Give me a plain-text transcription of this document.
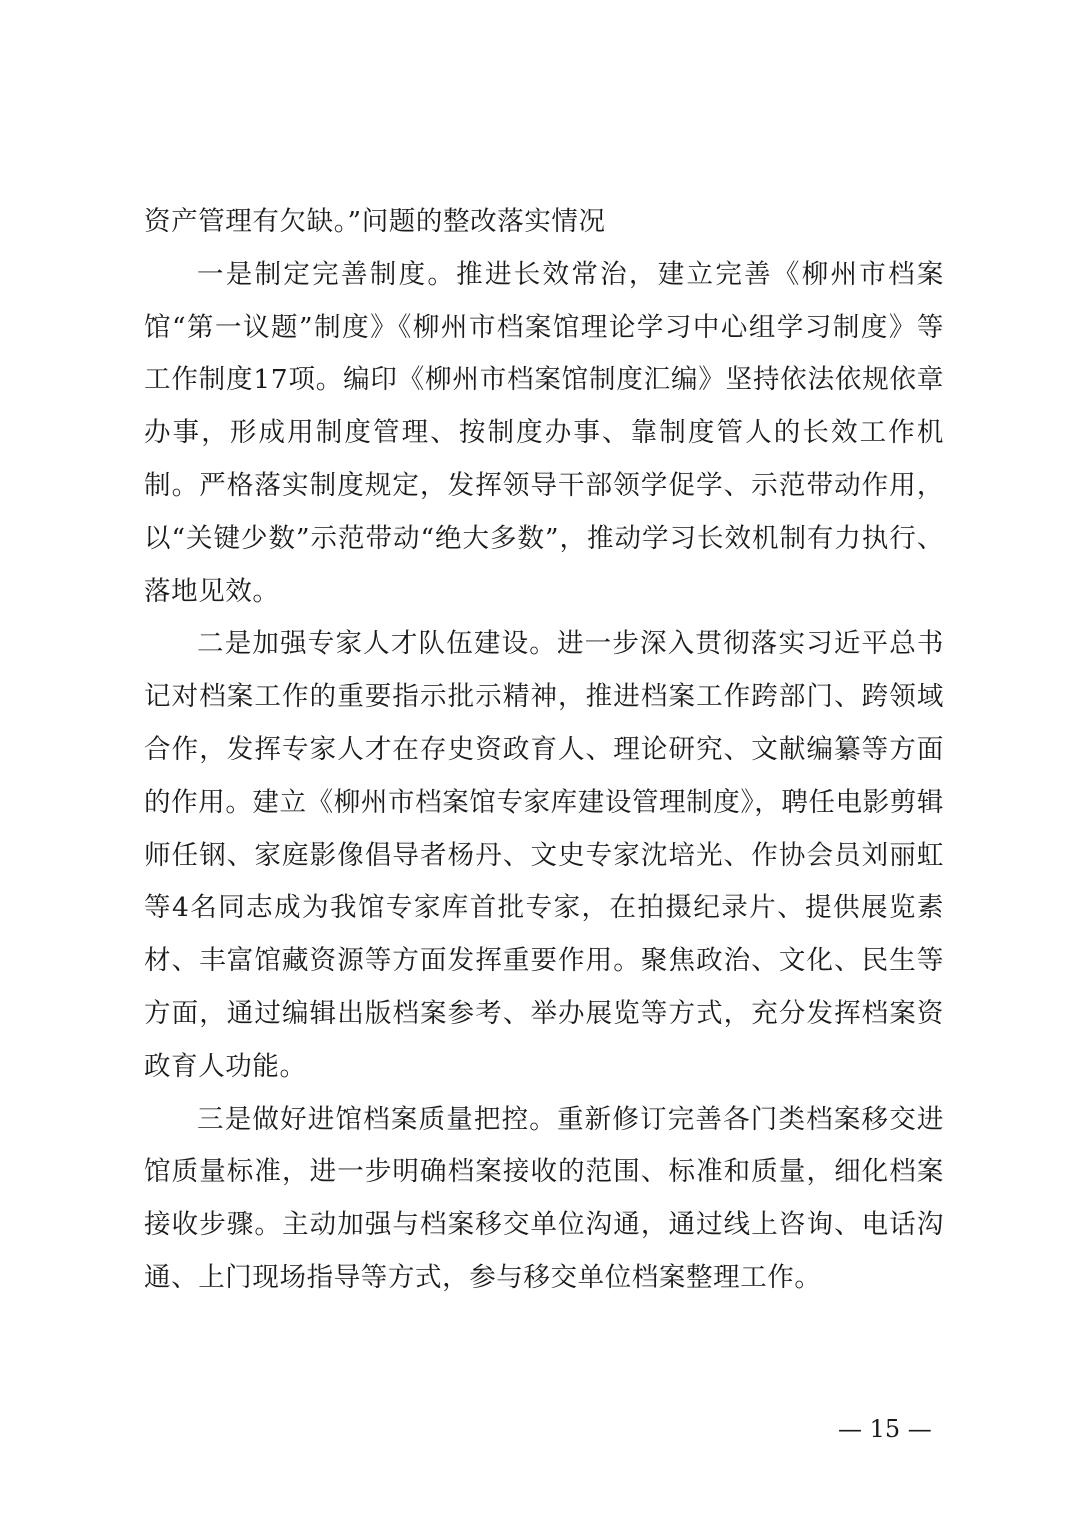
资产管理有欠缺。”问题的整改落实情况

一是制定完善制度。推进长效常治，建立完善《柳州市档案馆“第一议题”制度》《柳州市档案馆理论学习中心组学习制度》等工作制度17项。编印《柳州市档案馆制度汇编》坚持依法依规依章办事，形成用制度管理、按制度办事、靠制度管人的长效工作机制。严格落实制度规定，发挥领导干部领学促学、示范带动作用，以“关键少数”示范带动“绝大多数”，推动学习长效机制有力执行、落地见效。

二是加强专家人才队伍建设。进一步深入贯彻落实习近平总书记对档案工作的重要指示批示精神，推进档案工作跨部门、跨领域合作，发挥专家人才在存史资政育人、理论研究、文献编纂等方面的作用。建立《柳州市档案馆专家库建设管理制度》，聘任电影剪辑师任钢、家庭影像倡导者杨丹、文史专家沈培光、作协会员刘丽虹等4名同志成为我馆专家库首批专家，在拍摄纪录片、提供展览素材、丰富馆藏资源等方面发挥重要作用。聚焦政治、文化、民生等方面，通过编辑出版档案参考、举办展览等方式，充分发挥档案资政育人功能。

三是做好进馆档案质量把控。重新修订完善各门类档案移交进馆质量标准，进一步明确档案接收的范围、标准和质量，细化档案接收步骤。主动加强与档案移交单位沟通，通过线上咨询、电话沟通、上门现场指导等方式，参与移交单位档案整理工作。

— 15 —
